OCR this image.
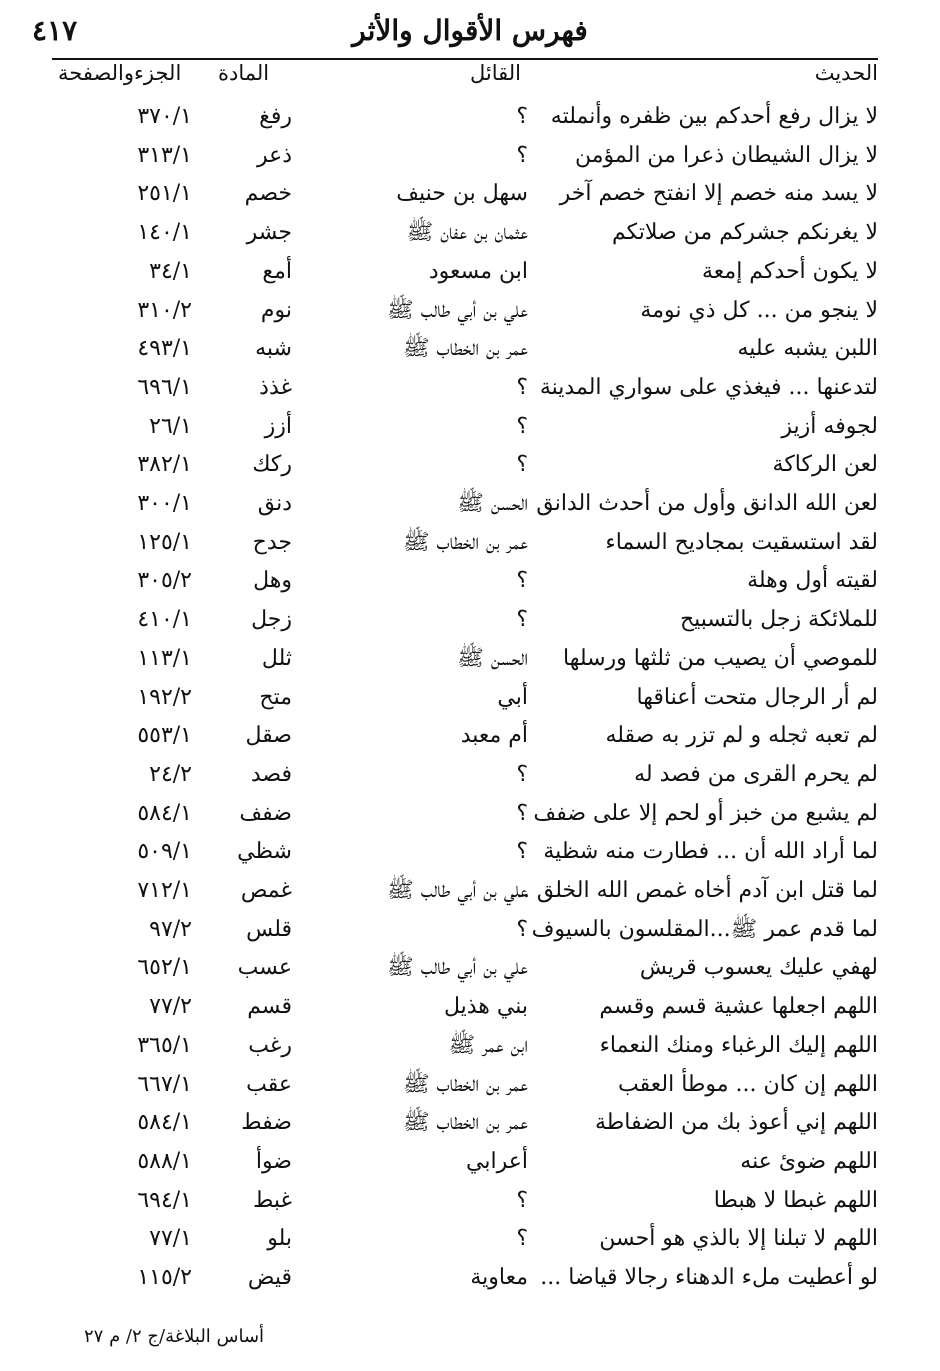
فهرس الأقوال والأثر
٤١٧
الحديث
القائل
المادة
الجزءوالصفحة
لا يزال رفع أحدكم بين ظفره وأنملته
؟
رفغ
٣٧٠/١
لا يزال الشيطان ذعرا من المؤمن
؟
ذعر
٣١٣/١
لا يسد منه خصم إلا انفتح خصم آخر
سهل بن حنيف
خصم
٢٥١/١
لا يغرنكم جشركم من صلاتكم
عثمان بن عفان ﷺ
جشر
١٤٠/١
لا يكون أحدكم إمعة
ابن مسعود
أمع
٣٤/١
لا ينجو من ... كل ذي نومة
علي بن أبي طالب ﷺ
نوم
٣١٠/٢
اللبن يشبه عليه
عمر بن الخطاب ﷺ
شبه
٤٩٣/١
لتدعنها ... فيغذي على سواري المدينة
؟
غذذ
٦٩٦/١
لجوفه أزيز
؟
أزز
٢٦/١
لعن الركاكة
؟
ركك
٣٨٢/١
لعن الله الدانق وأول من أحدث الدانق
الحسن ﷺ
دنق
٣٠٠/١
لقد استسقيت بمجاديح السماء
عمر بن الخطاب ﷺ
جدح
١٢٥/١
لقيته أول وهلة
؟
وهل
٣٠٥/٢
للملائكة زجل بالتسبيح
؟
زجل
٤١٠/١
للموصي أن يصيب من ثلثها ورسلها
الحسن ﷺ
ثلل
١١٣/١
لم أر الرجال متحت أعناقها
أبي
متح
١٩٢/٢
لم تعبه ثجله و لم تزر به صقله
أم معبد
صقل
٥٥٣/١
لم يحرم القرى من فصد له
؟
فصد
٢٤/٢
لم يشبع من خبز أو لحم إلا على ضفف
؟
ضفف
٥٨٤/١
لما أراد الله أن ... فطارت منه شظية
؟
شظي
٥٠٩/١
لما قتل ابن آدم أخاه غمص الله الخلق ...
علي بن أبي طالب ﷺ
غمص
٧١٢/١
لما قدم عمر ﷺ...المقلسون بالسيوف
؟
قلس
٩٧/٢
لهفي عليك يعسوب قريش
علي بن أبي طالب ﷺ
عسب
٦٥٢/١
اللهم اجعلها عشية قسم وقسم
بني هذيل
قسم
٧٧/٢
اللهم إليك الرغباء ومنك النعماء
ابن عمر ﷺ
رغب
٣٦٥/١
اللهم إن كان ... موطأ العقب
عمر بن الخطاب ﷺ
عقب
٦٦٧/١
اللهم إني أعوذ بك من الضفاطة
عمر بن الخطاب ﷺ
ضفط
٥٨٤/١
اللهم ضوئ عنه
أعرابي
ضوأ
٥٨٨/١
اللهم غبطا لا هبطا
؟
غبط
٦٩٤/١
اللهم لا تبلنا إلا بالذي هو أحسن
؟
بلو
٧٧/١
لو أعطيت ملء الدهناء رجالا قياضا ...
معاوية
قيض
١١٥/٢
أساس البلاغة/ج ٢/ م ٢٧
